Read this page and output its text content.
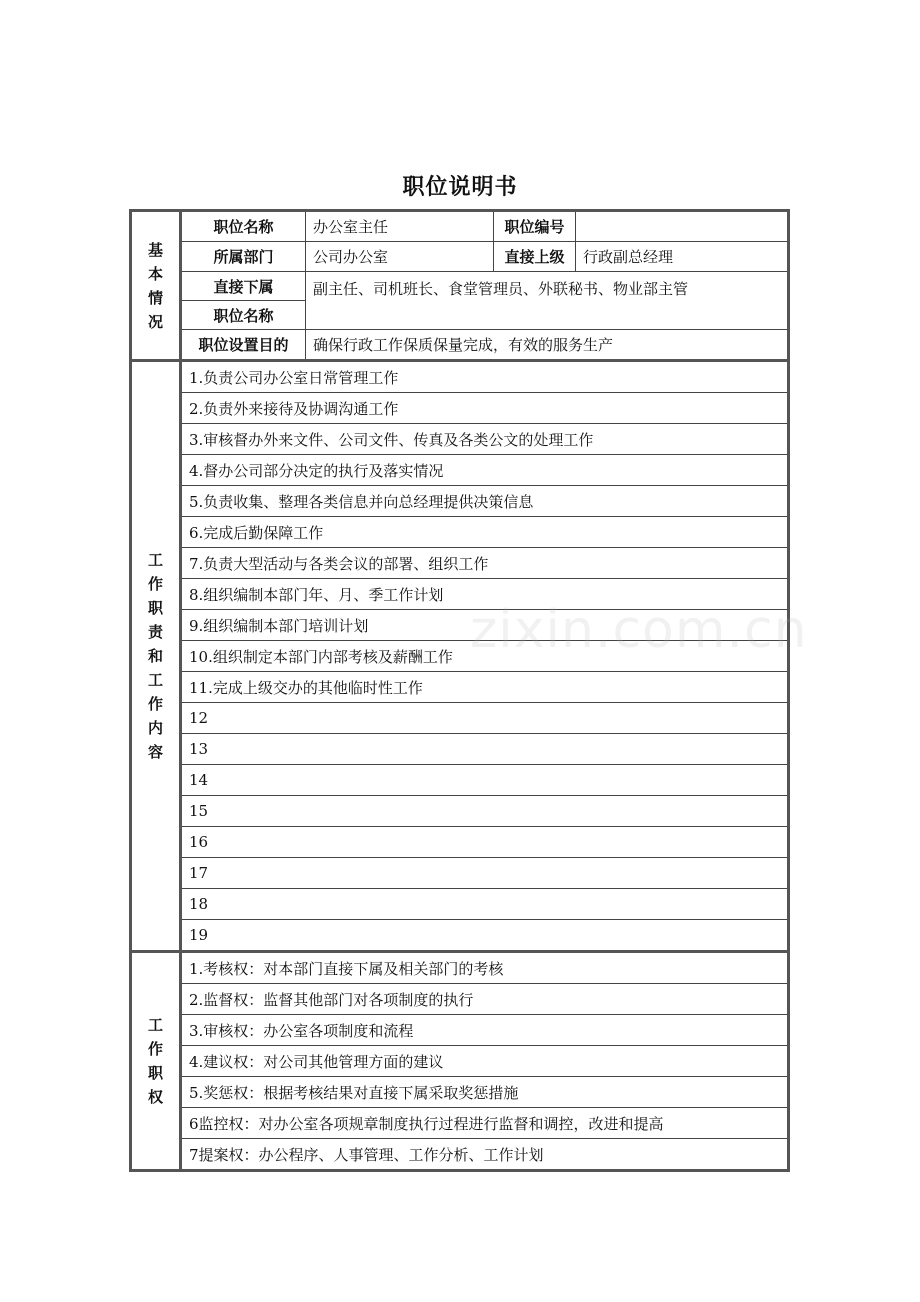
职位说明书
基本情况	职位名称	办公室主任	职位编号	
	所属部门	公司办公室	直接上级	行政副总经理
	直接下属	副主任、司机班长、食堂管理员、外联秘书、物业部主管		
	职位名称			
	职位设置目的	确保行政工作保质保量完成，有效的服务生产		
工作职责和工作内容	1.负责公司办公室日常管理工作			
	2.负责外来接待及协调沟通工作			
	3.审核督办外来文件、公司文件、传真及各类公文的处理工作			
	4.督办公司部分决定的执行及落实情况			
	5.负责收集、整理各类信息并向总经理提供决策信息			
	6.完成后勤保障工作			
	7.负责大型活动与各类会议的部署、组织工作			
	8.组织编制本部门年、月、季工作计划			
	9.组织编制本部门培训计划			
	10.组织制定本部门内部考核及薪酬工作			
	11.完成上级交办的其他临时性工作			
	12			
	13			
	14			
	15			
	16			
	17			
	18			
	19			
工作职权	1.考核权：对本部门直接下属及相关部门的考核			
	2.监督权：监督其他部门对各项制度的执行			
	3.审核权：办公室各项制度和流程			
	4.建议权：对公司其他管理方面的建议			
	5.奖惩权：根据考核结果对直接下属采取奖惩措施			
	6监控权：对办公室各项规章制度执行过程进行监督和调控，改进和提高			
	7提案权：办公程序、人事管理、工作分析、工作计划			
zixin.com.cn
